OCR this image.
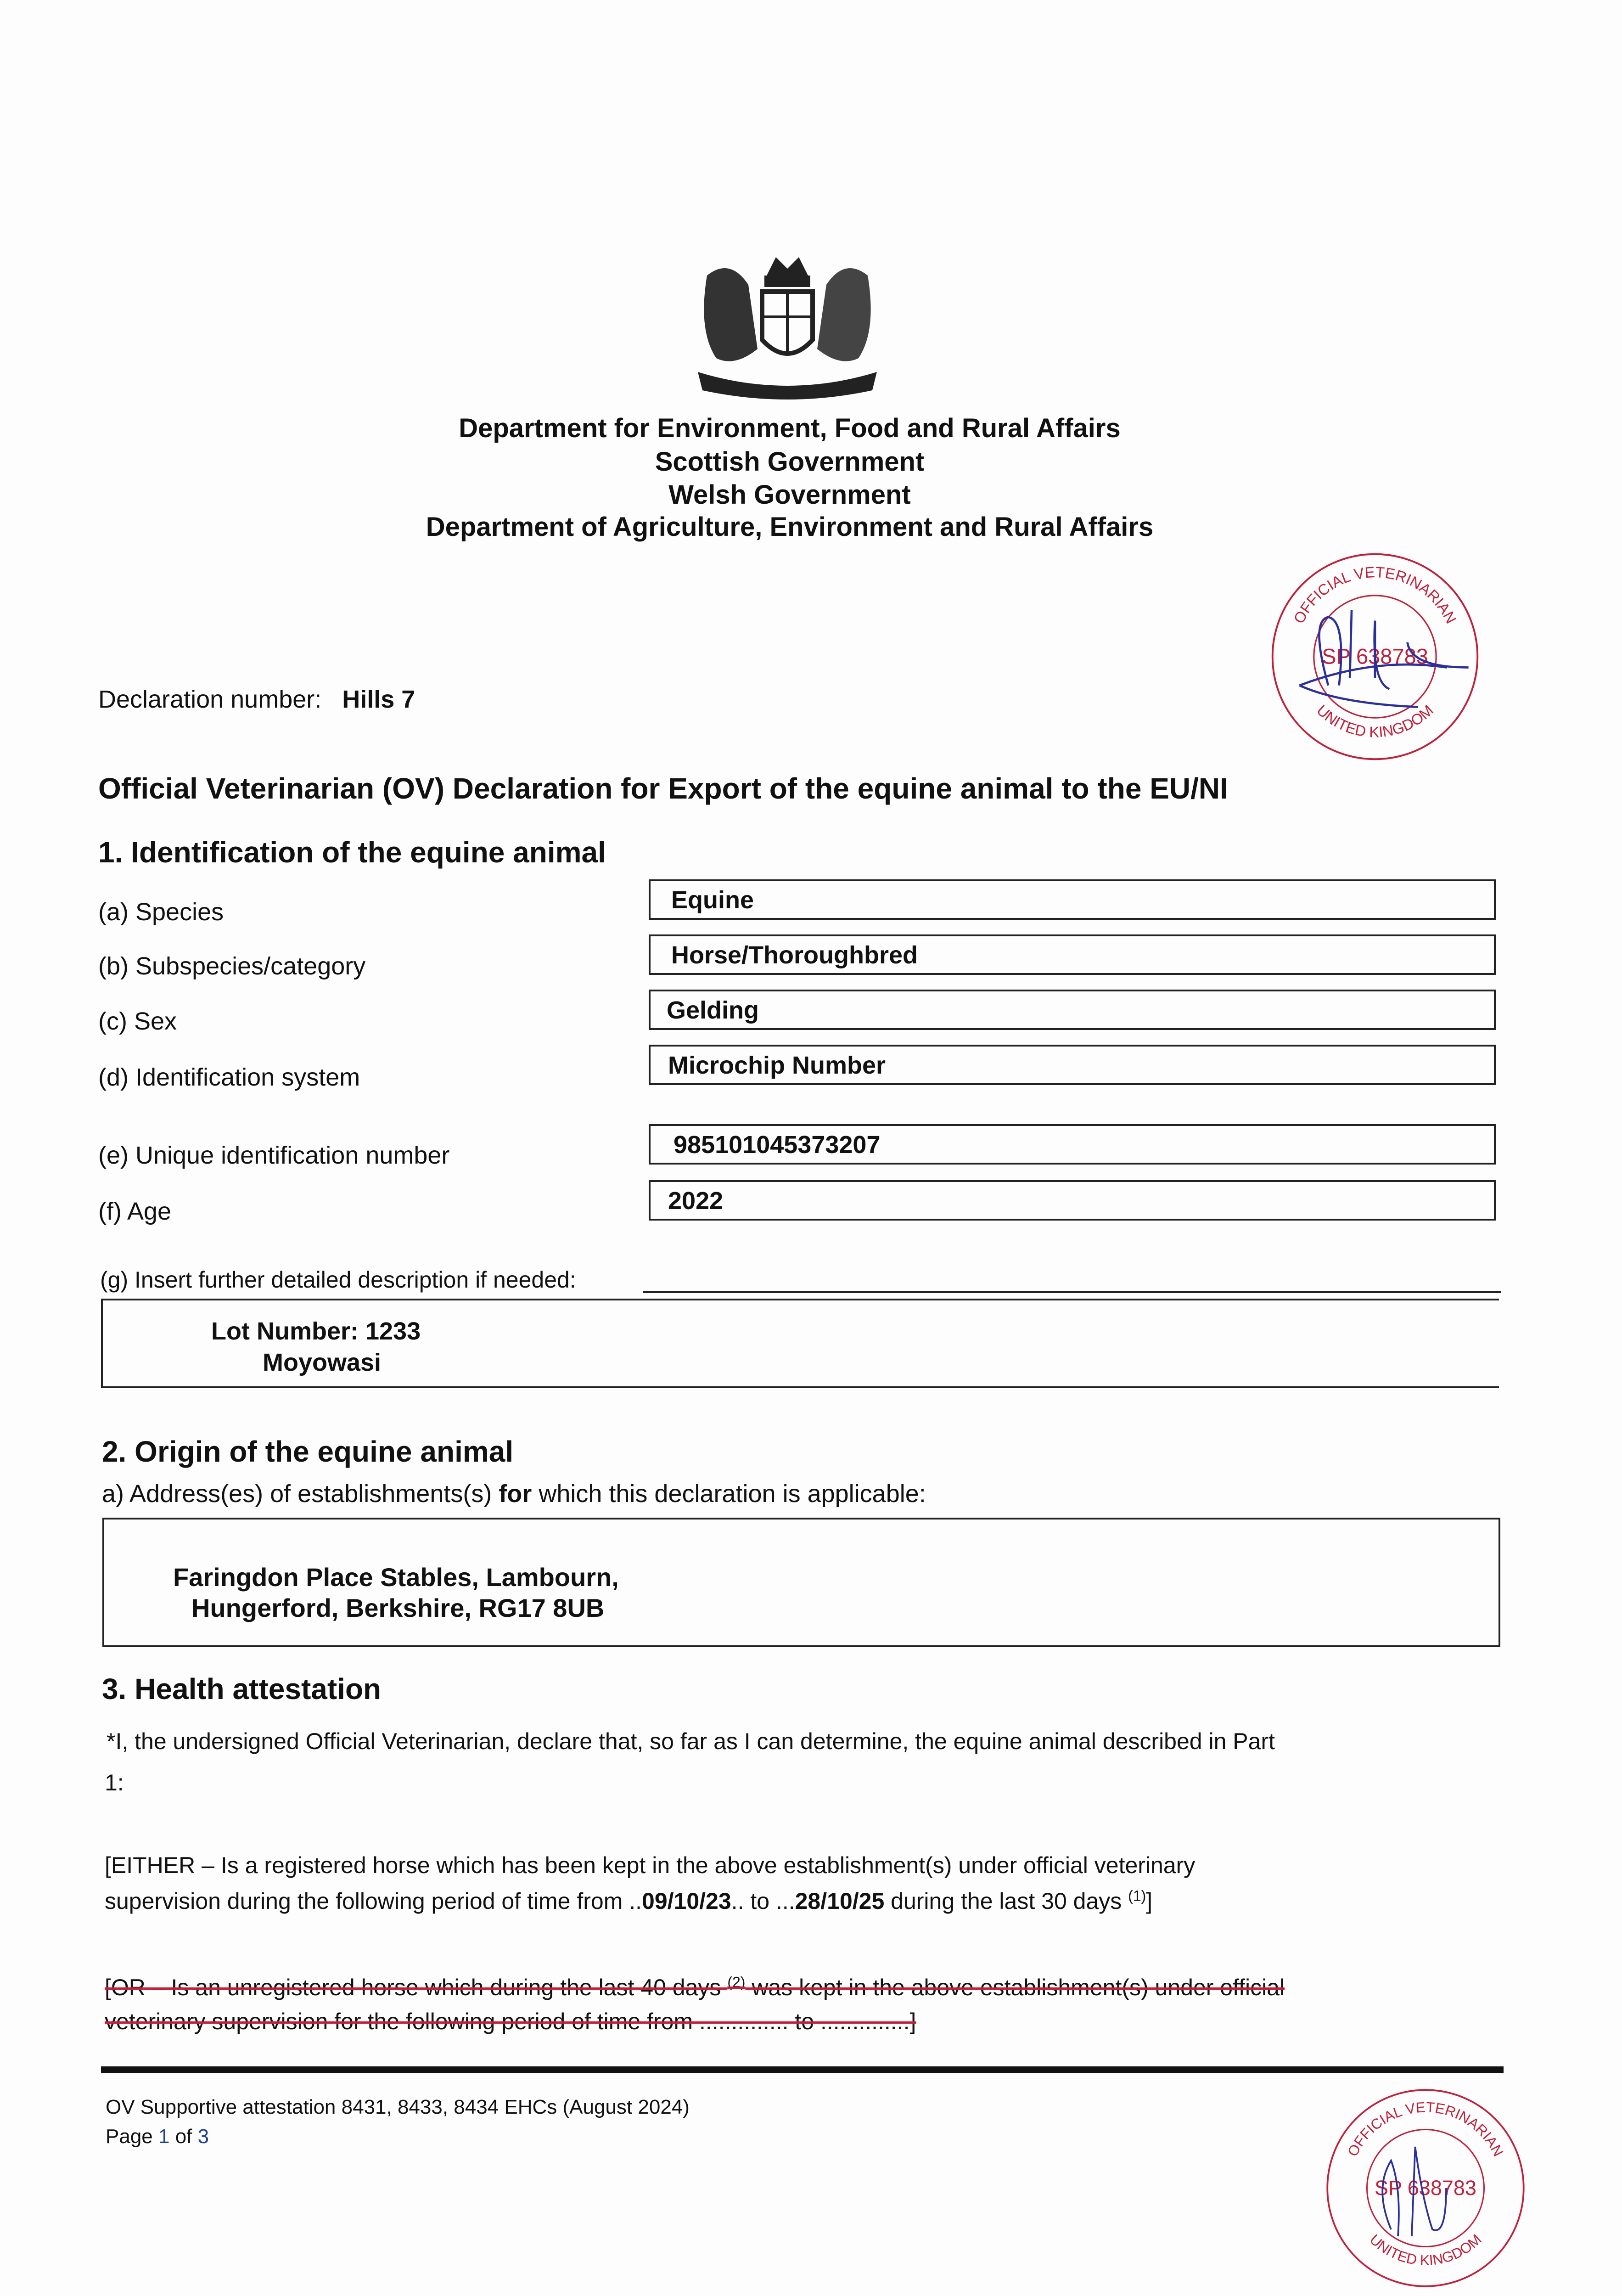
Department for Environment, Food and Rural Affairs
Scottish Government
Welsh Government
Department of Agriculture, Environment and Rural Affairs
Declaration number: Hills 7
Official Veterinarian (OV) Declaration for Export of the equine animal to the EU/NI
1. Identification of the equine animal
(a) Species	Equine
(b) Subspecies/category	Horse/Thoroughbred
(c) Sex	Gelding
(d) Identification system	Microchip Number
(e) Unique identification number	985101045373207
(f) Age	2022
(g) Insert further detailed description if needed:
Lot Number: 1233
Moyowasi
2. Origin of the equine animal
a) Address(es) of establishments(s) for which this declaration is applicable:
Faringdon Place Stables, Lambourn,
Hungerford, Berkshire, RG17 8UB
3. Health attestation
*I, the undersigned Official Veterinarian, declare that, so far as I can determine, the equine animal described in Part
1:
[EITHER – Is a registered horse which has been kept in the above establishment(s) under official veterinary
supervision during the following period of time from ..09/10/23.. to ...28/10/25 during the last 30 days $^{(1)}$]
[OR – Is an unregistered horse which during the last 40 days $^{(2)}$ was kept in the above establishment(s) under official
veterinary supervision for the following period of time from .............. to ..............]
OV Supportive attestation 8431, 8433, 8434 EHCs (August 2024)
Page 1 of 3
OFFICIAL VETERINARIAN
UNITED KINGDOM
SP 638783
OFFICIAL VETERINARIAN
UNITED KINGDOM
SP 638783
